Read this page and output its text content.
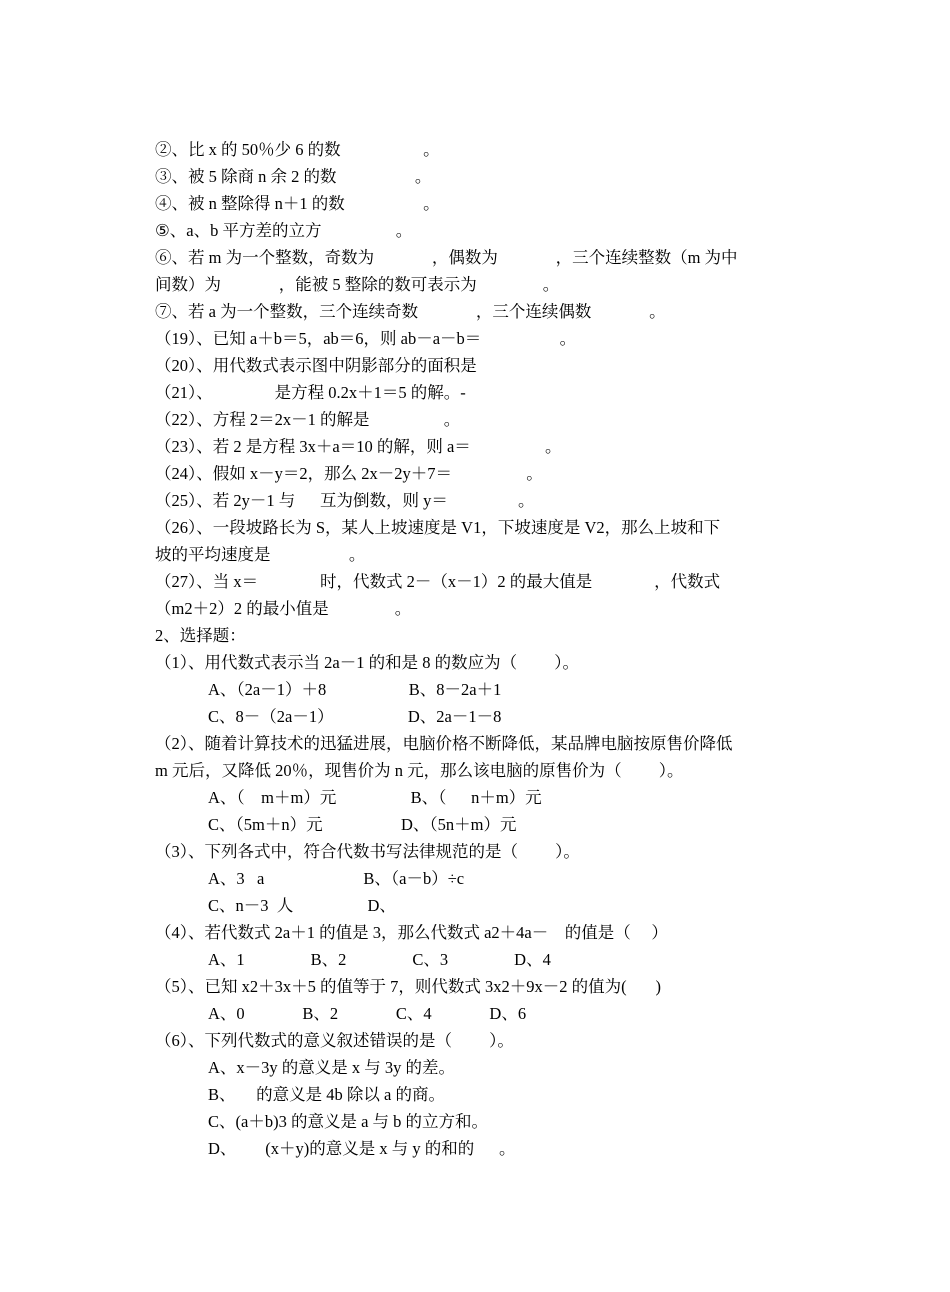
②、比 x 的 50％少 6 的数                    。
③、被 5 除商 n 余 2 的数                   。
④、被 n 整除得 n＋1 的数                   。
⑤、a、b 平方差的立方                  。
⑥、若 m 为一个整数，奇数为              ，偶数为              ，三个连续整数（m 为中
间数）为              ，能被 5 整除的数可表示为                。
⑦、若 a 为一个整数，三个连续奇数              ，三个连续偶数              。
（19）、已知 a＋b＝5，ab＝6，则 ab－a－b＝                   。
（20）、用代数式表示图中阴影部分的面积是
（21）、               是方程 0.2x＋1＝5 的解。-
（22）、方程 2＝2x－1 的解是                  。
（23）、若 2 是方程 3x＋a＝10 的解，则 a＝                  。
（24）、假如 x－y＝2，那么 2x－2y＋7＝                  。
（25）、若 2y－1 与      互为倒数，则 y＝                 。
（26）、一段坡路长为 S，某人上坡速度是 V1，下坡速度是 V2，那么上坡和下
坡的平均速度是                   。
（27）、当 x＝               时，代数式 2－（x－1）2 的最大值是               ，代数式
（m2＋2）2 的最小值是                。
2、选择题：
（1）、用代数式表示当 2a－1 的和是 8 的数应为（         ）。
A、（2a－1）＋8                    B、8－2a＋1
C、8－（2a－1）                  D、2a－1－8
（2）、随着计算技术的迅猛进展，电脑价格不断降低，某品牌电脑按原售价降低
m 元后，又降低 20％，现售价为 n 元，那么该电脑的原售价为（         ）。
A、（    m＋m）元                  B、（      n＋m）元
C、（5m＋n）元                   D、（5n＋m）元
（3）、下列各式中，符合代数书写法律规范的是（         ）。
A、3   a                        B、（a－b）÷c
C、n－3  人                  D、
（4）、若代数式 2a＋1 的值是 3，那么代数式 a2＋4a－    的值是（     ）
A、1                B、2                C、3                D、4
（5）、已知 x2＋3x＋5 的值等于 7，则代数式 3x2＋9x－2 的值为(       )
A、0              B、2              C、4              D、6
（6）、下列代数式的意义叙述错误的是（         ）。
A、x－3y 的意义是 x 与 3y 的差。
B、     的意义是 4b 除以 a 的商。
C、(a＋b)3 的意义是 a 与 b 的立方和。
D、       (x＋y)的意义是 x 与 y 的和的      。
